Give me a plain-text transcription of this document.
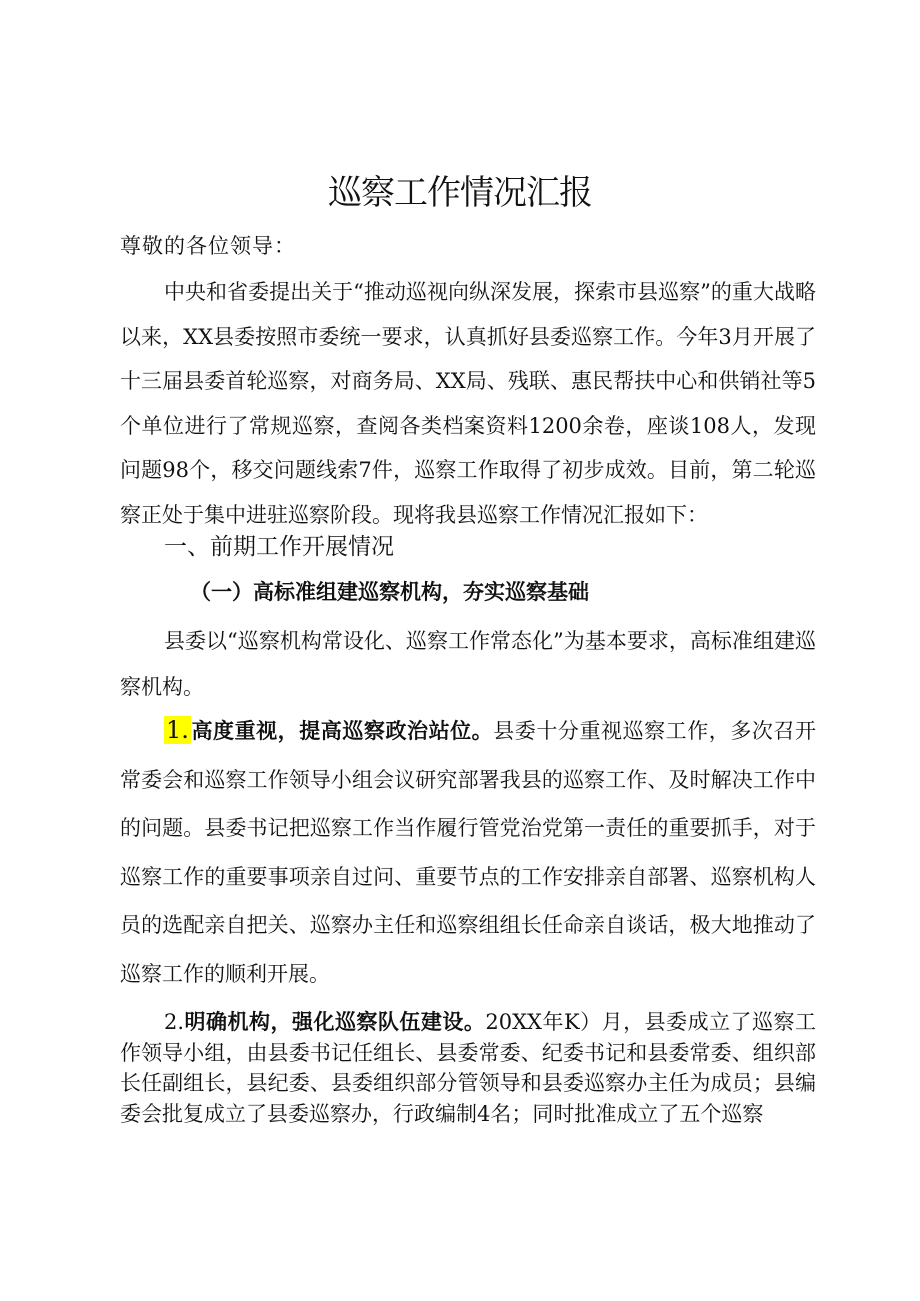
巡察工作情况汇报
尊敬的各位领导：
中央和省委提出关于“推动巡视向纵深发展，探索市县巡察”的重大战略以来，XX县委按照市委统一要求，认真抓好县委巡察工作。今年3月开展了十三届县委首轮巡察，对商务局、XX局、残联、惠民帮扶中心和供销社等5个单位进行了常规巡察，查阅各类档案资料1200余卷，座谈108人，发现问题98个，移交问题线索7件，巡察工作取得了初步成效。目前，第二轮巡察正处于集中进驻巡察阶段。现将我县巡察工作情况汇报如下：
一、前期工作开展情况
（一）高标准组建巡察机构，夯实巡察基础
县委以“巡察机构常设化、巡察工作常态化”为基本要求，高标准组建巡察机构。
1.高度重视，提高巡察政治站位。县委十分重视巡察工作，多次召开常委会和巡察工作领导小组会议研究部署我县的巡察工作、及时解决工作中的问题。县委书记把巡察工作当作履行管党治党第一责任的重要抓手，对于巡察工作的重要事项亲自过问、重要节点的工作安排亲自部署、巡察机构人员的选配亲自把关、巡察办主任和巡察组组长任命亲自谈话，极大地推动了巡察工作的顺利开展。
2.明确机构，强化巡察队伍建设。20XX年K）月，县委成立了巡察工作领导小组，由县委书记任组长、县委常委、纪委书记和县委常委、组织部长任副组长，县纪委、县委组织部分管领导和县委巡察办主任为成员；县编委会批复成立了县委巡察办，行政编制4名；同时批准成立了五个巡察
